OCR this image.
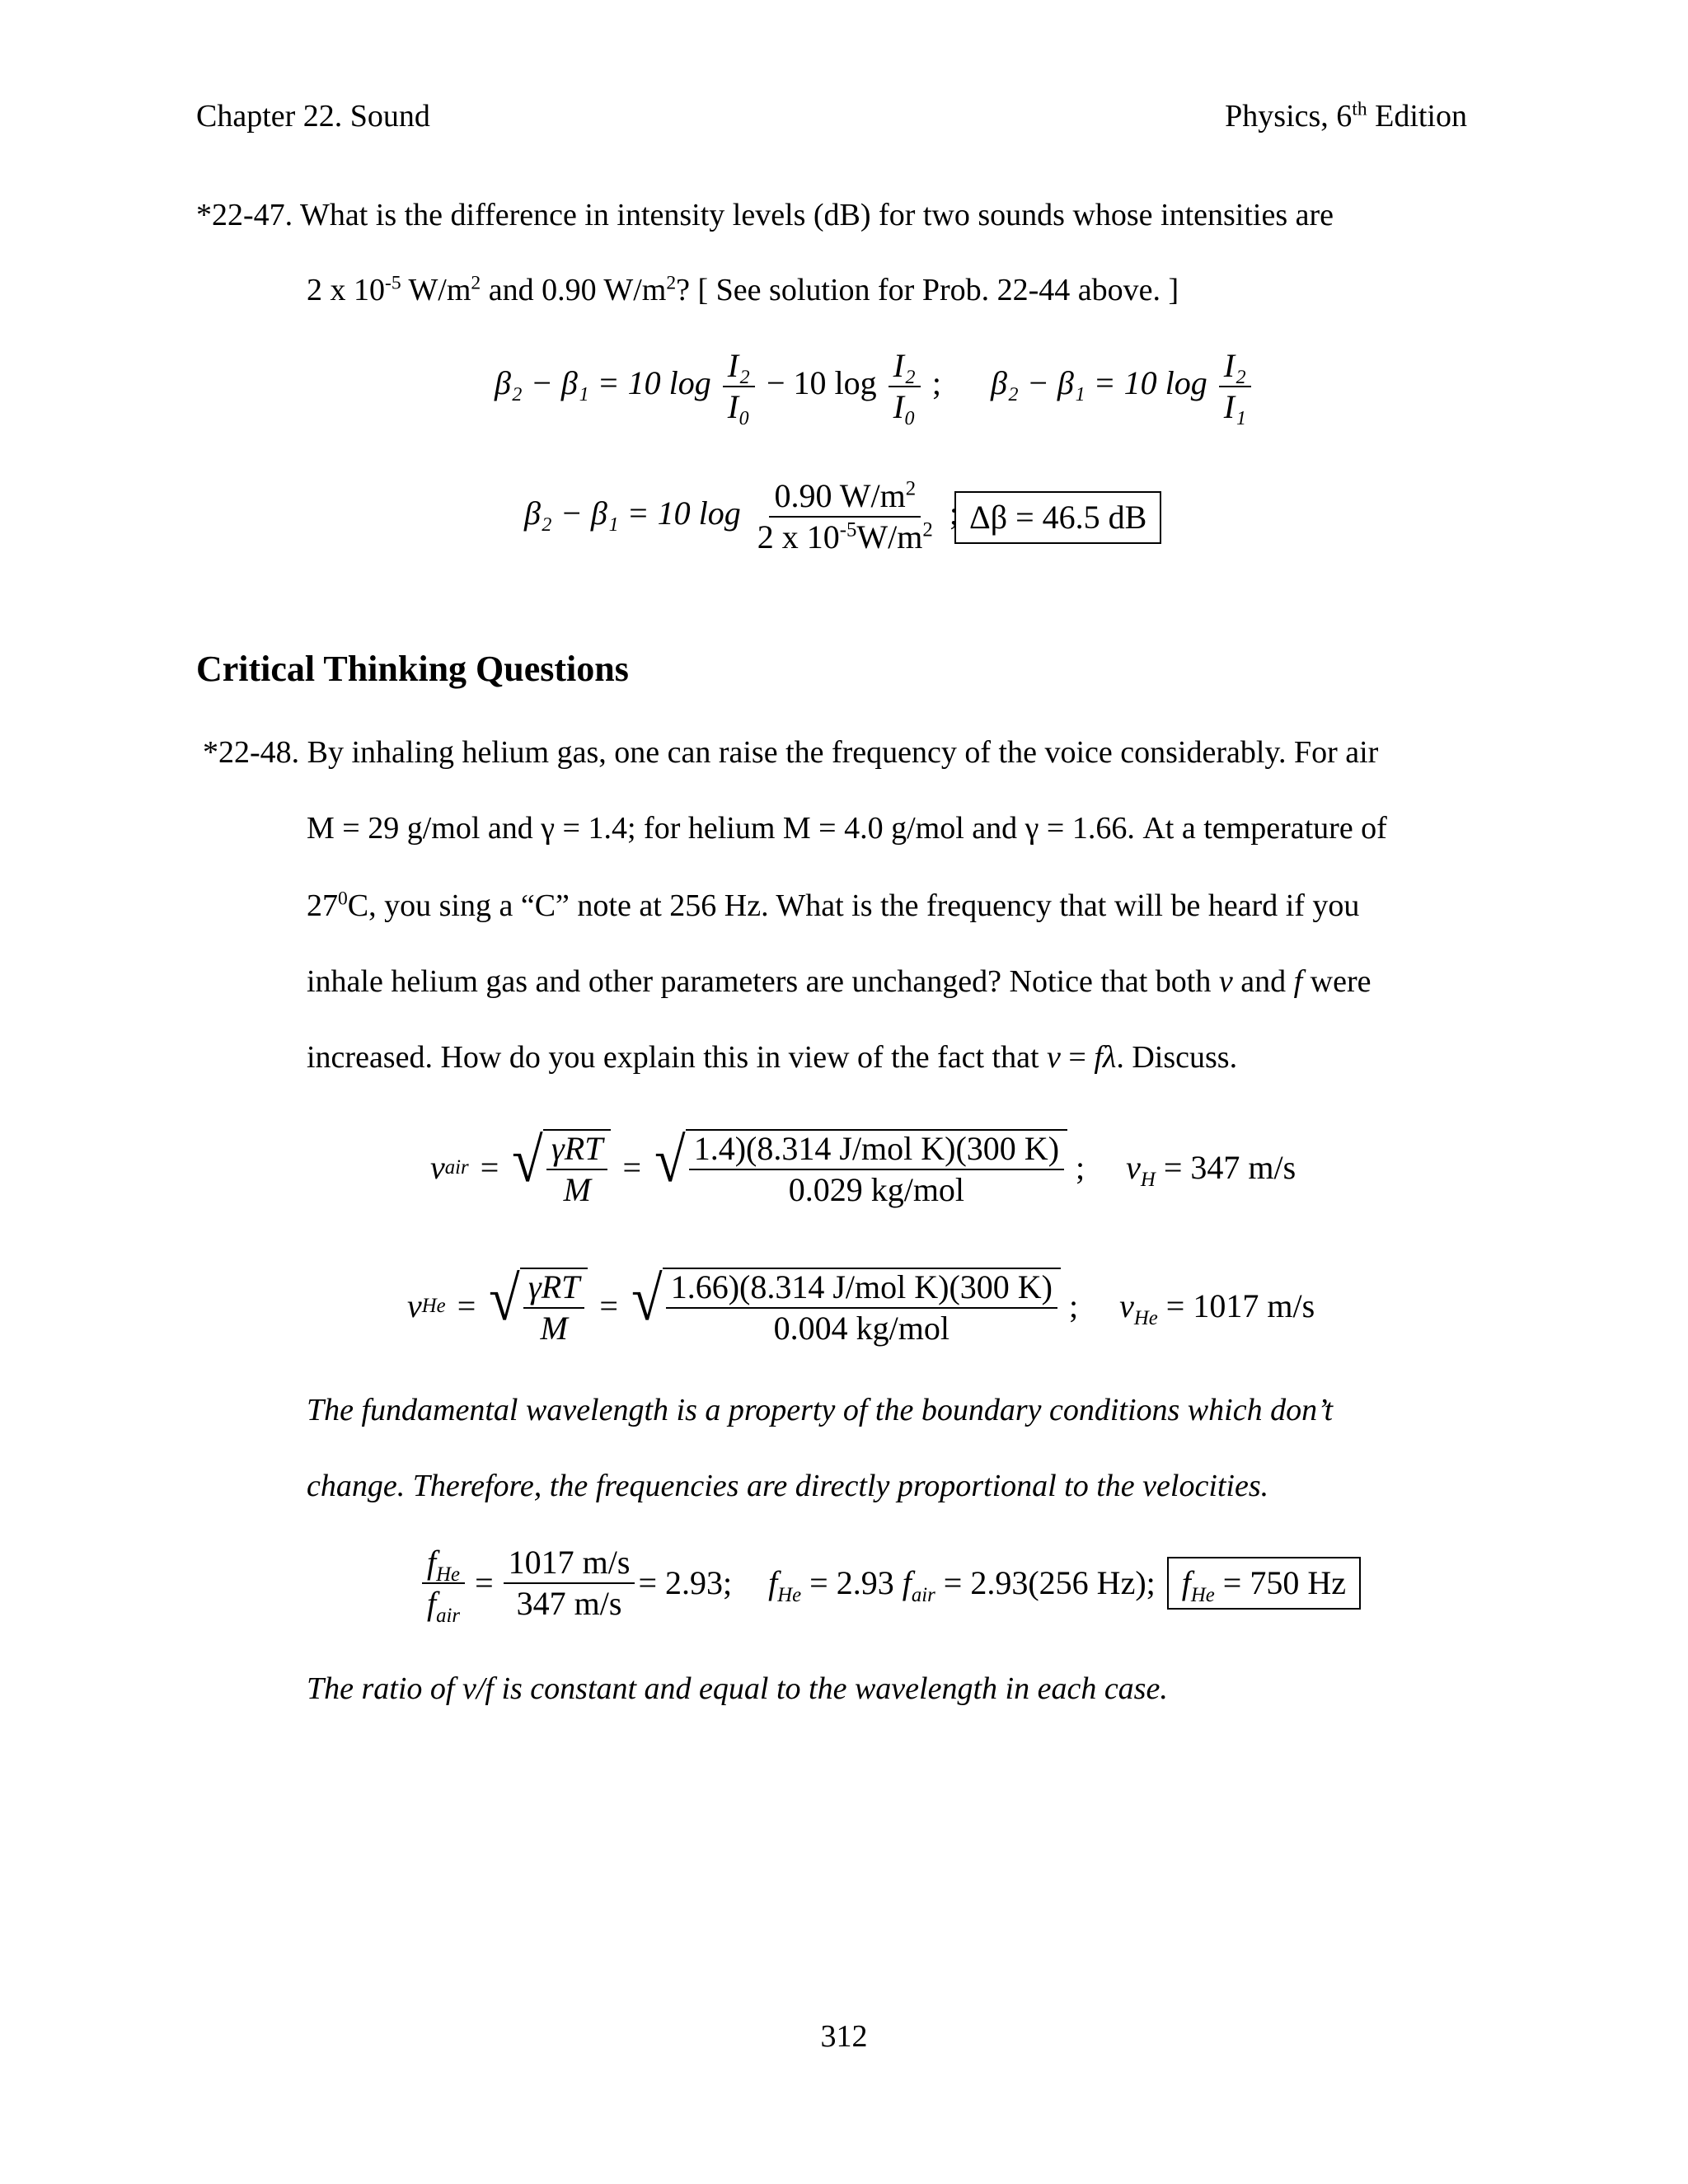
Chapter 22. Sound	Physics, 6th Edition
*22-47. What is the difference in intensity levels (dB) for two sounds whose intensities are
2 x $10^{-5}$ $W/m^2$ and 0.90 $W/m^2$? [ See solution for Prob. 22-44 above. ]
β₂ − β₁ = 10 $\log \frac{\text{I₂}}{\text{I₀}} - 10$ $\log \frac{\text{I₂}}{\text{I₀}}$ ; β₂ − β₁ = 10 $\log \frac{\text{I₂}}{\text{I₁}}$
β₂ − β₁ = 10 $\log \frac{0.90 W/m^2}{2 x 10^{-5}W/m^2}$ ; Δβ = 46.5 dB
Critical Thinking Questions
*22-48. By inhaling helium gas, one can raise the frequency of the voice considerably. For air
M = 29 g/mol and γ = 1.4; for helium M = 4.0 g/mol and γ = 1.66. At a temperature of
$27^0C$, you sing a “C” note at 256 Hz. What is the frequency that will be heard if you
inhale helium gas and other parameters are unchanged? Notice that both v and f were
increased. How do you explain this in view of the fact that v = fλ. Discuss.
v air = √ $\frac{\text{γRT}}{M}$ = √ $\frac{\text{1.4)(8.314 J/mol K)(300 K)}}{\text{0.029 kg/mol}}$ ; $v_H = 347$ m/s
v He = √ $\frac{\text{γRT}}{M}$ = √ $\frac{\text{1.66)(8.314 J/mol K)(300 K)}}{\text{0.004 kg/mol}}$ ; $v_{He} = 1017$ m/s
The fundamental wavelength is a property of the boundary conditions which don’t
change. Therefore, the frequencies are directly proportional to the velocities.
$\frac{f_{He}}{f_{air}} = \frac{1017 m/s}{347 m/s} = 2.93$; $f_{He} = 2.93$ $f_{air} = 2.93(256$ Hz); $f_{He} = 750$ Hz
The ratio of v/f is constant and equal to the wavelength in each case.
312
